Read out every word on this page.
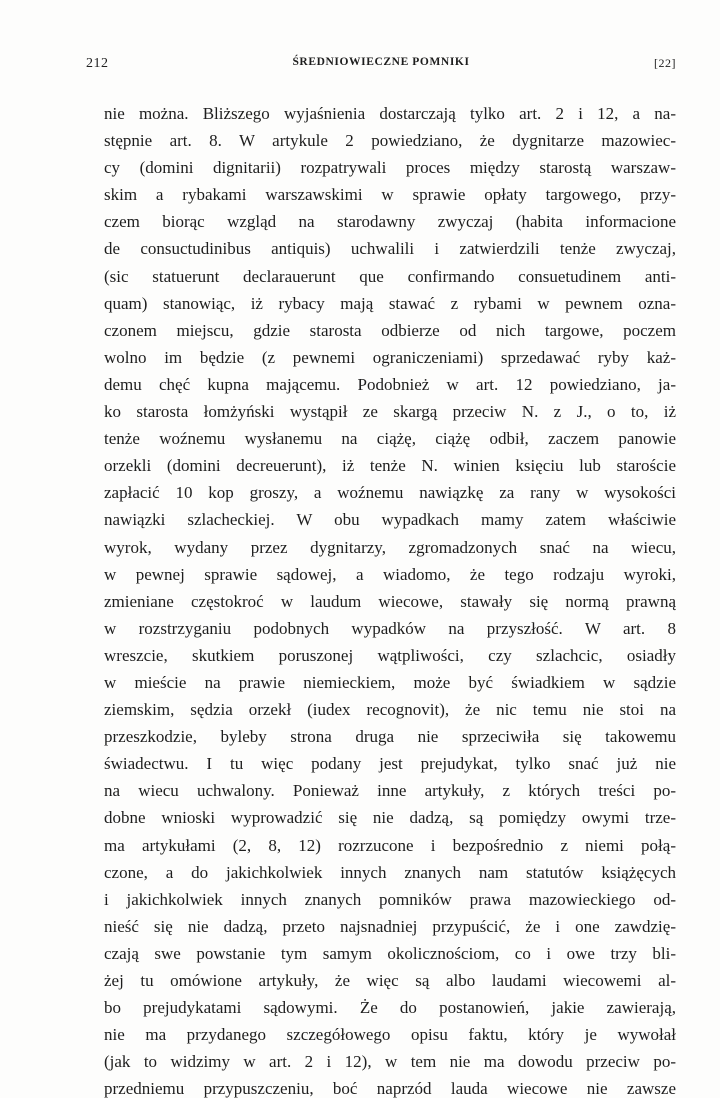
212	ŚREDNIOWIECZNE POMNIKI	[22]
nie można. Bliższego wyjaśnienia dostarczają tylko art. 2 i 12, a na-
stępnie art. 8. W artykule 2 powiedziano, że dygnitarze mazowiec-
cy (domini dignitarii) rozpatrywali proces między starostą warszaw-
skim a rybakami warszawskimi w sprawie opłaty targowego, przy-
czem biorąc wzgląd na starodawny zwyczaj (habita informacione
de consuctudinibus antiquis) uchwalili i zatwierdzili tenże zwyczaj,
(sic statuerunt declarauerunt que confirmando consuetudinem anti-
quam) stanowiąc, iż rybacy mają stawać z rybami w pewnem ozna-
czonem miejscu, gdzie starosta odbierze od nich targowe, poczem
wolno im będzie (z pewnemi ograniczeniami) sprzedawać ryby każ-
demu chęć kupna mającemu. Podobnież w art. 12 powiedziano, ja-
ko starosta łomżyński wystąpił ze skargą przeciw N. z J., o to, iż
tenże woźnemu wysłanemu na ciążę, ciążę odbił, zaczem panowie
orzekli (domini decreuerunt), iż tenże N. winien księciu lub staroście
zapłacić 10 kop groszy, a woźnemu nawiązkę za rany w wysokości
nawiązki szlacheckiej. W obu wypadkach mamy zatem właściwie
wyrok, wydany przez dygnitarzy, zgromadzonych snać na wiecu,
w pewnej sprawie sądowej, a wiadomo, że tego rodzaju wyroki,
zmieniane częstokroć w laudum wiecowe, stawały się normą prawną
w rozstrzyganiu podobnych wypadków na przyszłość. W art. 8
wreszcie, skutkiem poruszonej wątpliwości, czy szlachcic, osiadły
w mieście na prawie niemieckiem, może być świadkiem w sądzie
ziemskim, sędzia orzekł (iudex recognovit), że nic temu nie stoi na
przeszkodzie, byleby strona druga nie sprzeciwiła się takowemu
świadectwu. I tu więc podany jest prejudykat, tylko snać już nie
na wiecu uchwalony. Ponieważ inne artykuły, z których treści po-
dobne wnioski wyprowadzić się nie dadzą, są pomiędzy owymi trze-
ma artykułami (2, 8, 12) rozrzucone i bezpośrednio z niemi połą-
czone, a do jakichkolwiek innych znanych nam statutów książęcych
i jakichkolwiek innych znanych pomników prawa mazowieckiego od-
nieść się nie dadzą, przeto najsnadniej przypuścić, że i one zawdzię-
czają swe powstanie tym samym okolicznościom, co i owe trzy bli-
żej tu omówione artykuły, że więc są albo laudami wiecowemi al-
bo prejudykatami sądowymi. Że do postanowień, jakie zawierają,
nie ma przydanego szczegółowego opisu faktu, który je wywołał
(jak to widzimy w art. 2 i 12), w tem nie ma dowodu przeciw po-
przedniemu przypuszczeniu, boć naprzód lauda wiecowe nie zawsze
